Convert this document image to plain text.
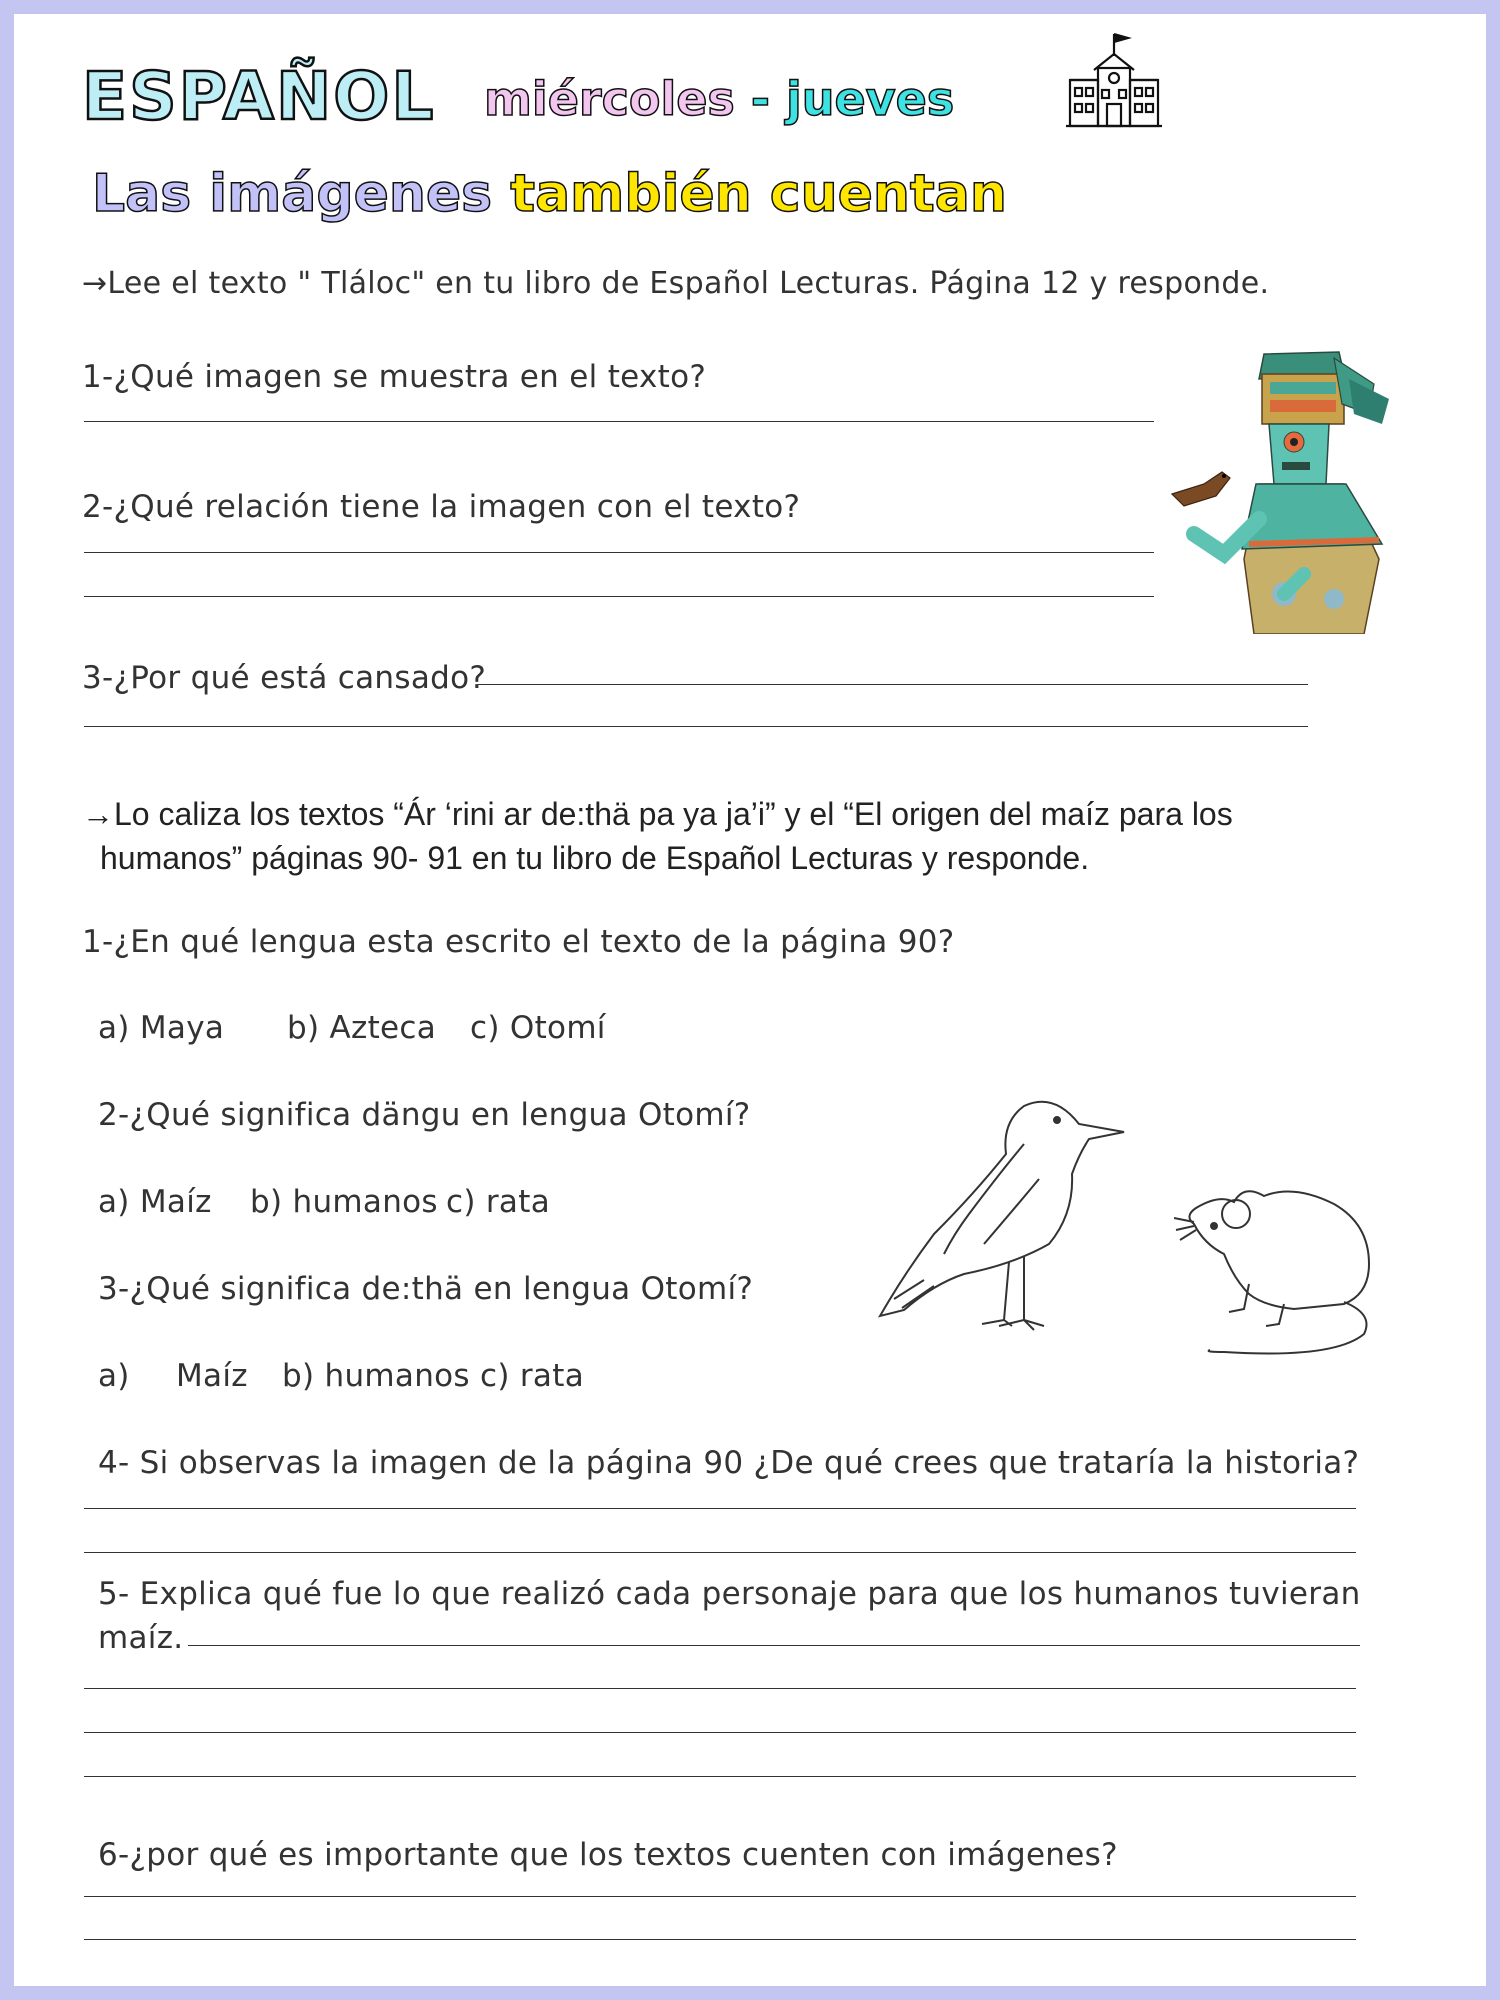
ESPAÑOL miércoles - jueves
Las imágenes también cuentan
→Lee el texto " Tláloc" en tu libro de Español Lecturas. Página 12 y responde.
1-¿Qué imagen se muestra en el texto?
2-¿Qué relación tiene la imagen con el texto?
3-¿Por qué está cansado?
→Lo caliza los textos “Ár ‘rini ar de:thä pa ya ja’i” y el “El origen del maíz para los
humanos” páginas 90- 91 en tu libro de Español Lecturas y responde.
1-¿En qué lengua esta escrito el texto de la página 90?
a) Maya b) Azteca c) Otomí
2-¿Qué significa dängu en lengua Otomí?
a) Maíz b) humanos c) rata
3-¿Qué significa de:thä en lengua Otomí?
a) Maíz b) humanos c) rata
4- Si observas la imagen de la página 90 ¿De qué crees que trataría la historia?
5- Explica qué fue lo que realizó cada personaje para que los humanos tuvieran
maíz.
6-¿por qué es importante que los textos cuenten con imágenes?
